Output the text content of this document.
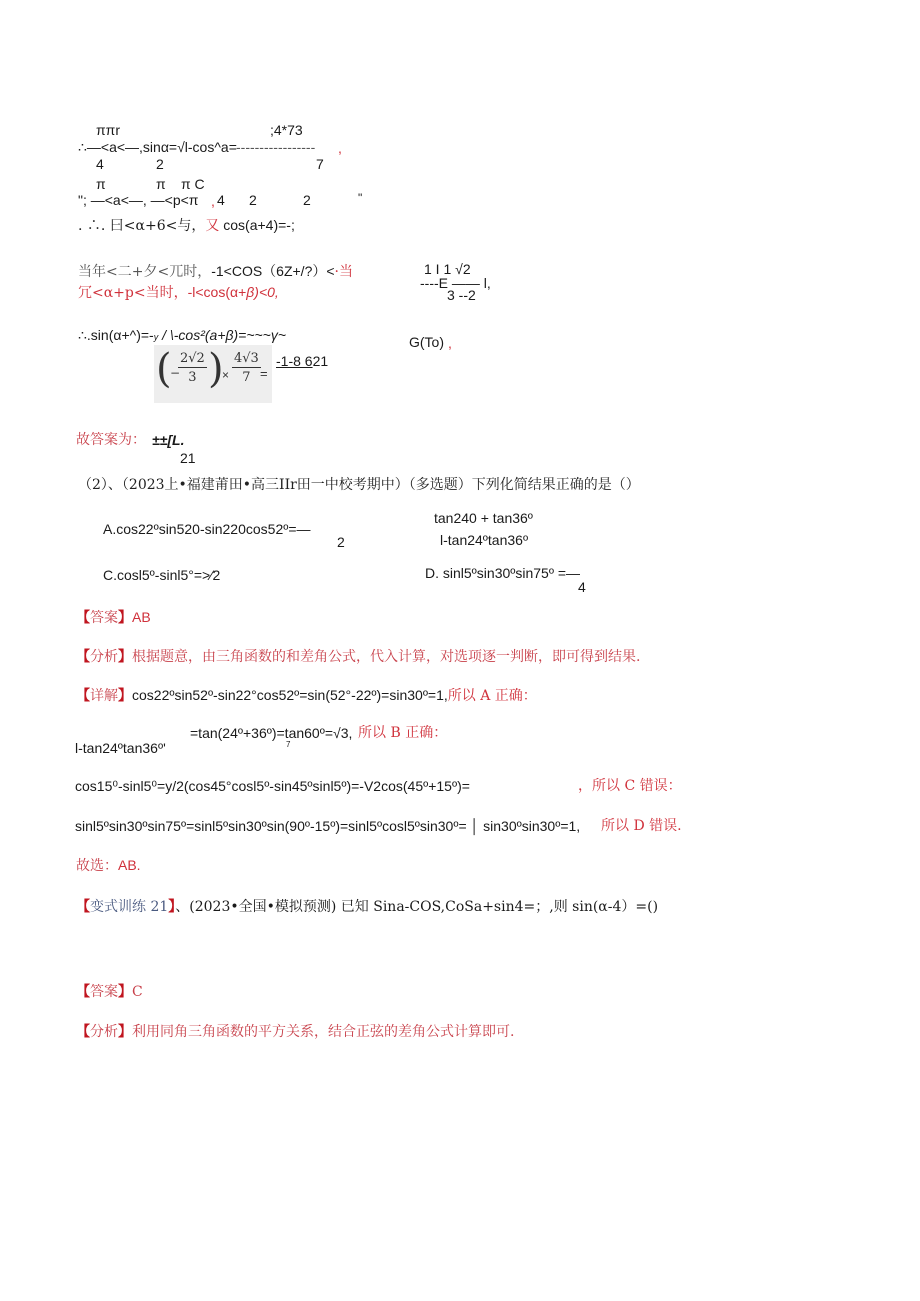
ππr	;4*73
∴—<a<—,sinα=√l-cos^a= ----------------- ,
4	2	7
π	π π C
"; —<a<—, —<p<π , 4 2	2	"
. ∴. 曰<α+6<与，又 cos(a+4)=-;
当年<二+夕<兀时，-1<COS（6Z+/?）<·当
冗<α+p<当时，-l<cos(α+β)<0,
1 I 1 √2
----E —— l,
3 --2
∴.sin(α+^)=-y / \-cos²(a+β)=~~~γ~	G(To) ,
(
−
$\frac{2√2}{3}$ )
× $\frac{4√3}{7}$ =
-1-8 621
故答案为： ±±[L.
21
（2）、（2023上•福建莆田•高三IIr田一中校考期中）（多选题）下列化简结果正确的是（）
A.cos22ºsin520-sin220cos52º=—
2
tan240 + tan36º
l-tan24ºtan36º
C.cosl5º-sinl5°=>⁄2	D. sinl5ºsin30ºsin75º =—
4
【答案】AB
【分析】根据题意，由三角函数的和差角公式，代入计算，对选项逐一判断，即可得到结果.
【详解】cos22ºsin52º-sin22°cos52º=sin(52°-22º)=sin30º=1,所以 A 正确：
=tan(24º+36º)=tan60º=√3, 所以 B 正确：
7
l-tan24ºtan36º'
cos15⁰-sinl5⁰=y/2(cos45°cosl5º-sin45ºsinl5º)=-V2cos(45º+15º)=	，所以 C 错误：
sinl5ºsin30ºsin75º=sinl5ºsin30ºsin(90º-15º)=sinl5ºcosl5ºsin30º= │ sin30ºsin30º=1, 所以 D 错误.
故选：AB.
【变式训练 21】、(2023•全国•模拟预测) 已知 Sina-COS,CoSa+sin4=；,则 sin(α-4）=()
【答案】C
【分析】利用同角三角函数的平方关系，结合正弦的差角公式计算即可.
